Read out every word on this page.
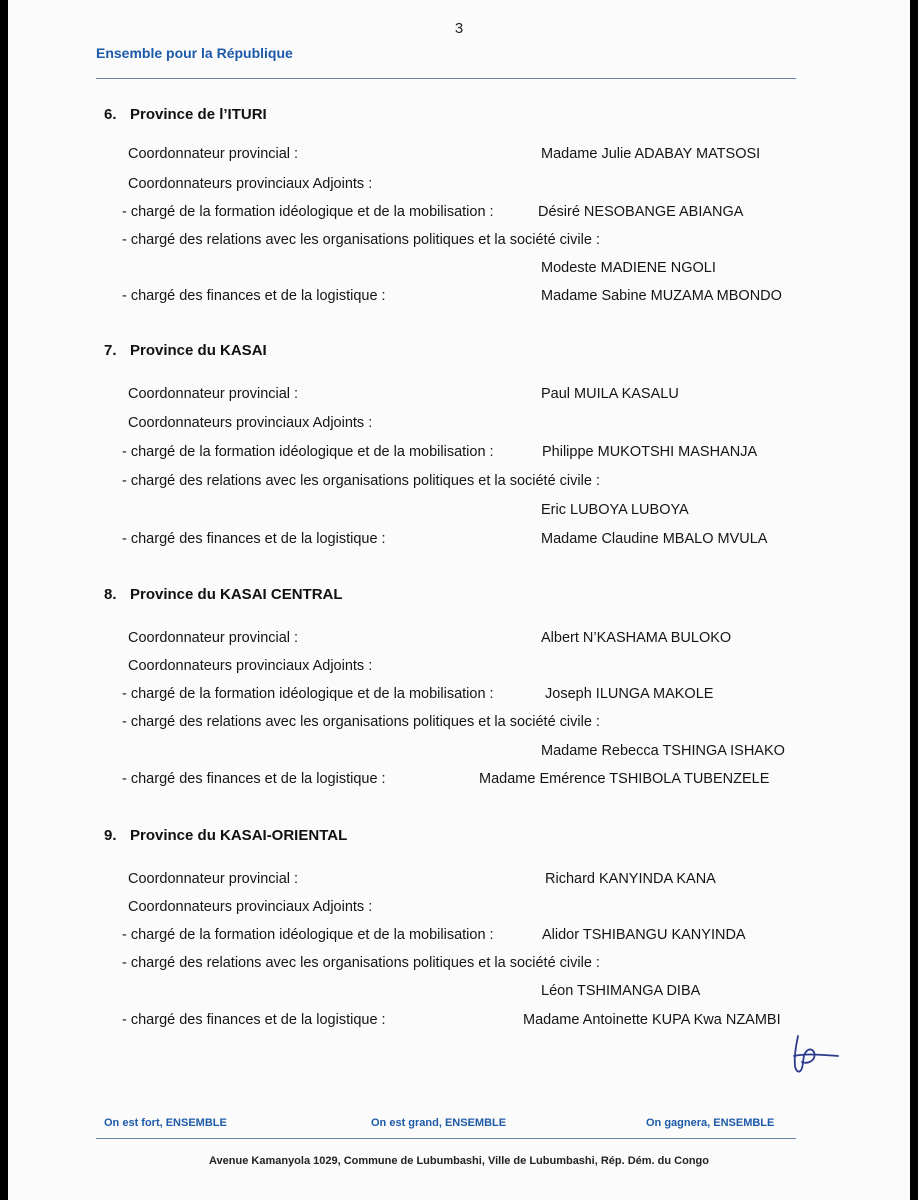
3
Ensemble pour la République
6. Province de l’ITURI
Coordonnateur provincial :	Madame Julie ADABAY MATSOSI
Coordonnateurs provinciaux Adjoints :
- chargé de la formation idéologique et de la mobilisation :	Désiré NESOBANGE ABIANGA
- chargé des relations avec les organisations politiques et la société civile :
Modeste MADIENE NGOLI
- chargé des finances et de la logistique :	Madame Sabine MUZAMA MBONDO
7. Province du KASAI
Coordonnateur provincial :	Paul MUILA KASALU
Coordonnateurs provinciaux Adjoints :
- chargé de la formation idéologique et de la mobilisation :	Philippe MUKOTSHI MASHANJA
- chargé des relations avec les organisations politiques et la société civile :
Eric LUBOYA LUBOYA
- chargé des finances et de la logistique :	Madame Claudine MBALO MVULA
8. Province du KASAI CENTRAL
Coordonnateur provincial :	Albert N’KASHAMA BULOKO
Coordonnateurs provinciaux Adjoints :
- chargé de la formation idéologique et de la mobilisation :	Joseph ILUNGA MAKOLE
- chargé des relations avec les organisations politiques et la société civile :
Madame Rebecca TSHINGA ISHAKO
- chargé des finances et de la logistique :	Madame Emérence TSHIBOLA TUBENZELE
9. Province du KASAI-ORIENTAL
Coordonnateur provincial :	Richard KANYINDA KANA
Coordonnateurs provinciaux Adjoints :
- chargé de la formation idéologique et de la mobilisation :	Alidor TSHIBANGU KANYINDA
- chargé des relations avec les organisations politiques et la société civile :
Léon TSHIMANGA DIBA
- chargé des finances et de la logistique :	Madame Antoinette KUPA Kwa NZAMBI
On est fort, ENSEMBLE	On est grand, ENSEMBLE	On gagnera, ENSEMBLE
Avenue Kamanyola 1029, Commune de Lubumbashi, Ville de Lubumbashi, Rép. Dém. du Congo
